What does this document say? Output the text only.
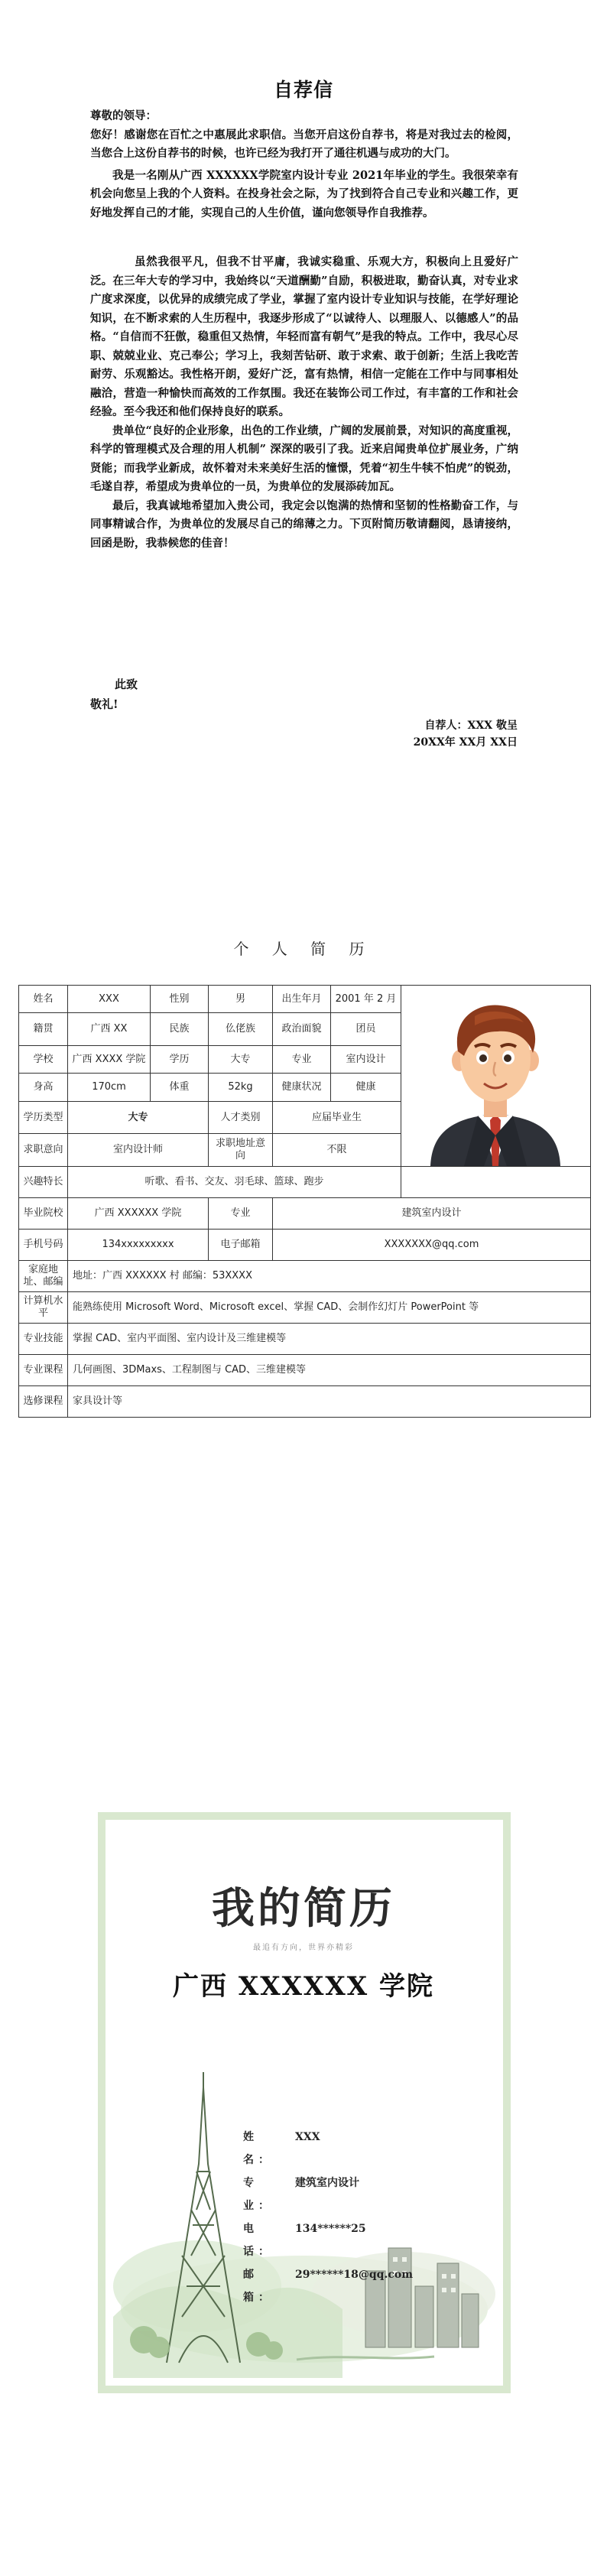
自荐信

尊敬的领导：

您好！感谢您在百忙之中惠展此求职信。当您开启这份自荐书，将是对我过去的检阅，当您合上这份自荐书的时候，也许已经为我打开了通往机遇与成功的大门。

我是一名刚从广西 XXXXXX学院室内设计专业 2021年毕业的学生。我很荣幸有机会向您呈上我的个人资料。在投身社会之际，为了找到符合自己专业和兴趣工作，更好地发挥自己的才能，实现自己的人生价值，谨向您领导作自我推荐。

虽然我很平凡，但我不甘平庸，我诚实稳重、乐观大方，积极向上且爱好广泛。在三年大专的学习中，我始终以“天道酬勤”自励，积极进取，勤奋认真，对专业求广度求深度，以优异的成绩完成了学业，掌握了室内设计专业知识与技能，在学好理论知识，在不断求索的人生历程中，我逐步形成了“以诚待人、以理服人、以德感人”的品格。“自信而不狂傲，稳重但又热情，年轻而富有朝气”是我的特点。工作中，我尽心尽职、兢兢业业、克己奉公；学习上，我刻苦钻研、敢于求索、敢于创新；生活上我吃苦耐劳、乐观豁达。我性格开朗，爱好广泛，富有热情，相信一定能在工作中与同事相处融洽，营造一种愉快而高效的工作氛围。我还在装饰公司工作过，有丰富的工作和社会经验。至今我还和他们保持良好的联系。

贵单位“良好的企业形象，出色的工作业绩，广阔的发展前景，对知识的高度重视，科学的管理模式及合理的用人机制” 深深的吸引了我。近来启闻贵单位扩展业务，广纳贤能；而我学业新成，故怀着对未来美好生活的憧憬，凭着“初生牛犊不怕虎”的锐劲，毛遂自荐，希望成为贵单位的一员，为贵单位的发展添砖加瓦。

最后，我真诚地希望加入贵公司，我定会以饱满的热情和坚韧的性格勤奋工作，与同事精诚合作，为贵单位的发展尽自己的绵薄之力。下页附简历敬请翻阅，恳请接纳，回函是盼，我恭候您的佳音！

此致

敬礼!

自荐人：XXX 敬呈

20XX年 XX月 XX日

个 人 简 历
姓名	XXX	性别	男	出生年月	2001 年 2 月	

籍贯	广西 XX	民族	仫佬族	政治面貌	团员	
学校	广西 XXXX 学院	学历	大专	专业	室内设计	
身高	170cm	体重	52kg	健康状况	健康	
学历类型	大专		人才类别	应届毕业生		
求职意向	室内设计师		求职地址意向	不限		
兴趣特长	听歌、看书、交友、羽毛球、篮球、跑步					
毕业院校	广西 XXXXXX 学院		专业	建筑室内设计		
手机号码	134xxxxxxxxx		电子邮箱	XXXXXXX@qq.com		
家庭地址、邮编	地址：广西 XXXXXX 村 邮编：53XXXX					
计算机水平	能熟练使用 Microsoft Word、Microsoft excel、掌握 CAD、会制作幻灯片 PowerPoint 等					
专业技能	掌握 CAD、室内平面图、室内设计及三维建模等					
专业课程	几何画图、3DMaxs、工程制图与 CAD、三维建模等					
选修课程	家具设计等					
我的简历

最追有方向，世界亦精彩

广西 XXXXXX 学院
姓 名：
XXX
专 业：
建筑室内设计
电 话：
134******25
邮 箱：
29******18@qq.com
